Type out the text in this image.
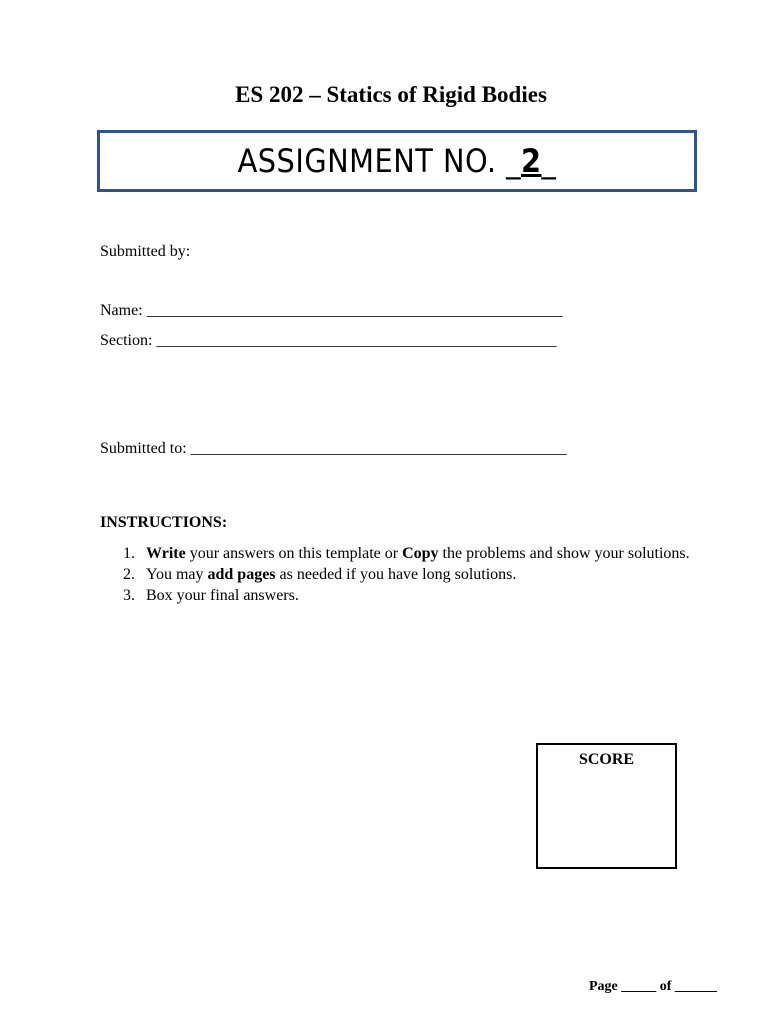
ES 202 – Statics of Rigid Bodies
ASSIGNMENT NO. _2_
Submitted by:
Name: ____________________________________________________
Section: __________________________________________________
Submitted to: _______________________________________________
INSTRUCTIONS:
1. Write your answers on this template or Copy the problems and show your solutions.
2. You may add pages as needed if you have long solutions.
3. Box your final answers.
SCORE
Page _____ of ______
